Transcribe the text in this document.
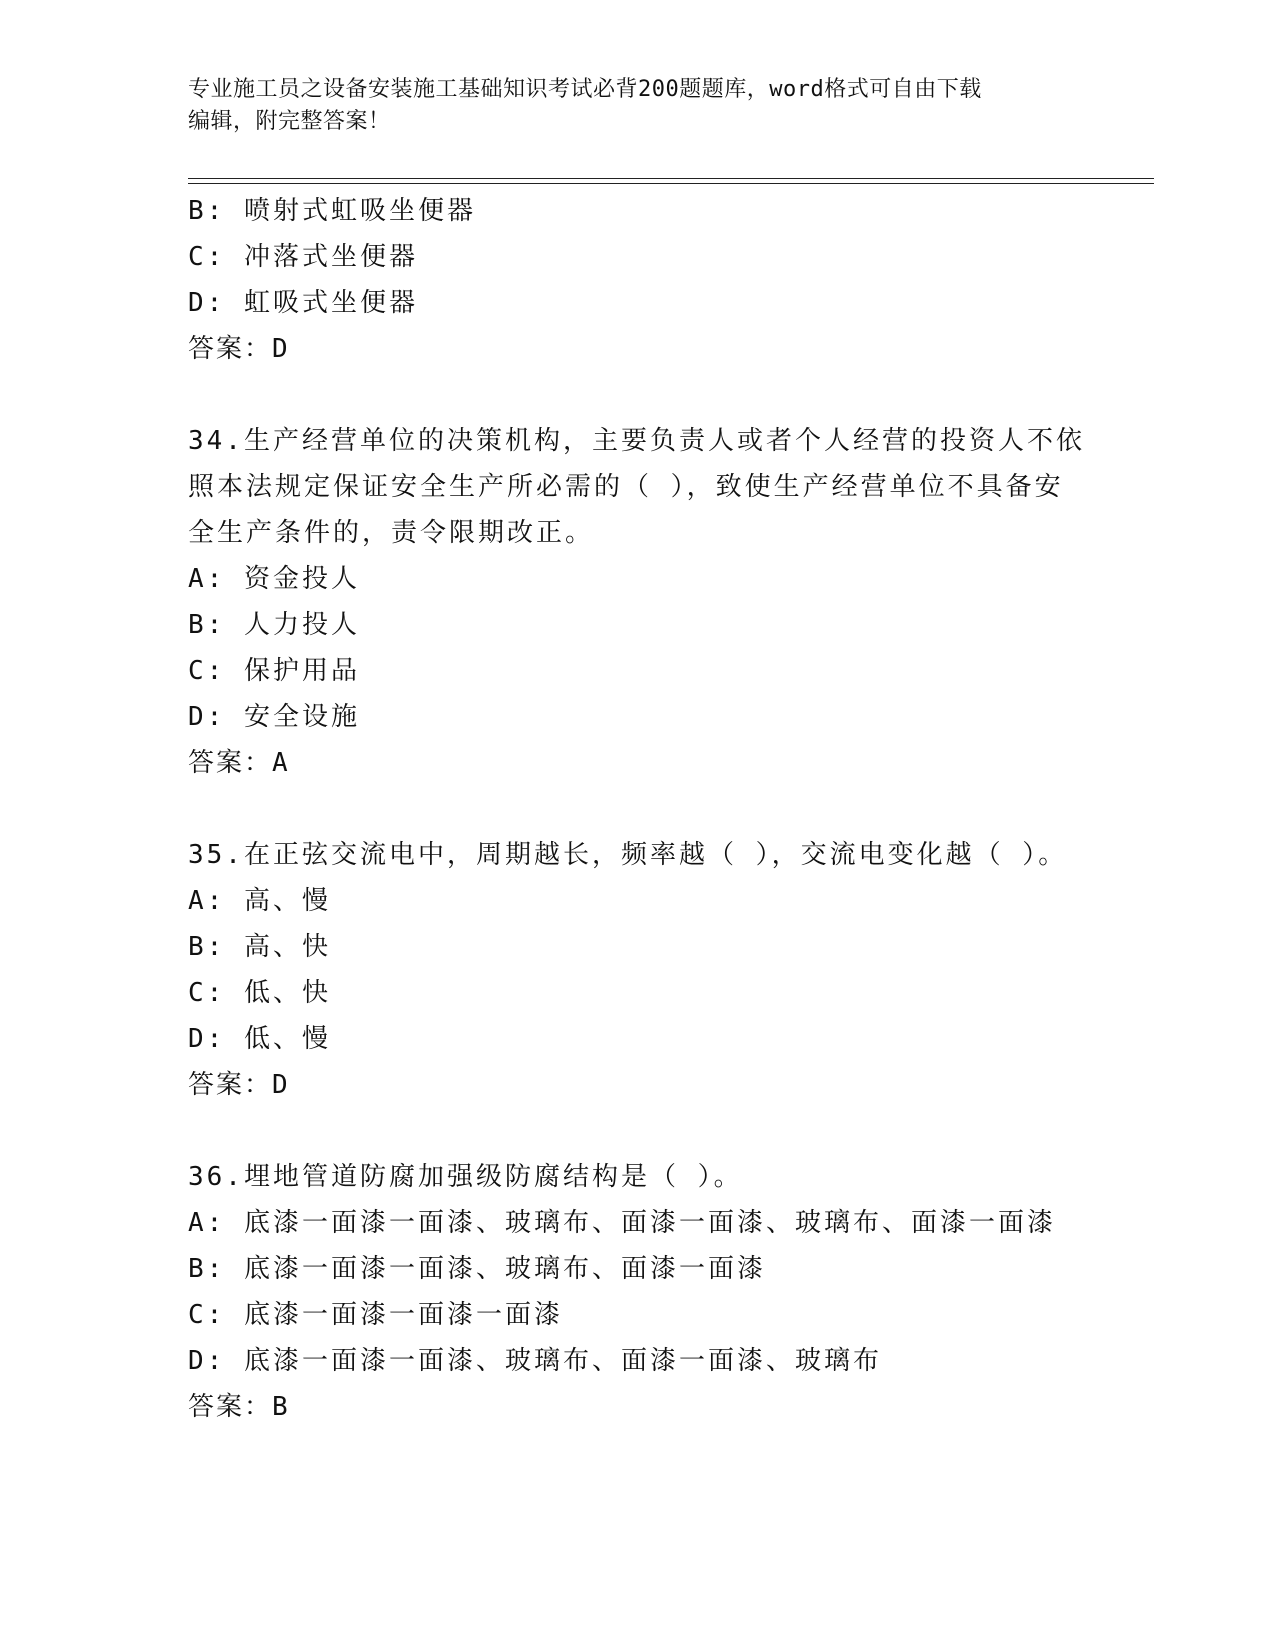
专业施工员之设备安装施工基础知识考试必背200题题库，word格式可自由下载
编辑，附完整答案！
B: 喷射式虹吸坐便器
C: 冲落式坐便器
D: 虹吸式坐便器
答案：D
34.生产经营单位的决策机构，主要负责人或者个人经营的投资人不依
照本法规定保证安全生产所必需的（ ），致使生产经营单位不具备安
全生产条件的，责令限期改正。
A: 资金投人
B: 人力投人
C: 保护用品
D: 安全设施
答案：A
35.在正弦交流电中，周期越长，频率越（ ），交流电变化越（ ）。
A: 高、慢
B: 高、快
C: 低、快
D: 低、慢
答案：D
36.埋地管道防腐加强级防腐结构是（ ）。
A: 底漆一面漆一面漆、玻璃布、面漆一面漆、玻璃布、面漆一面漆
B: 底漆一面漆一面漆、玻璃布、面漆一面漆
C: 底漆一面漆一面漆一面漆
D: 底漆一面漆一面漆、玻璃布、面漆一面漆、玻璃布
答案：B
